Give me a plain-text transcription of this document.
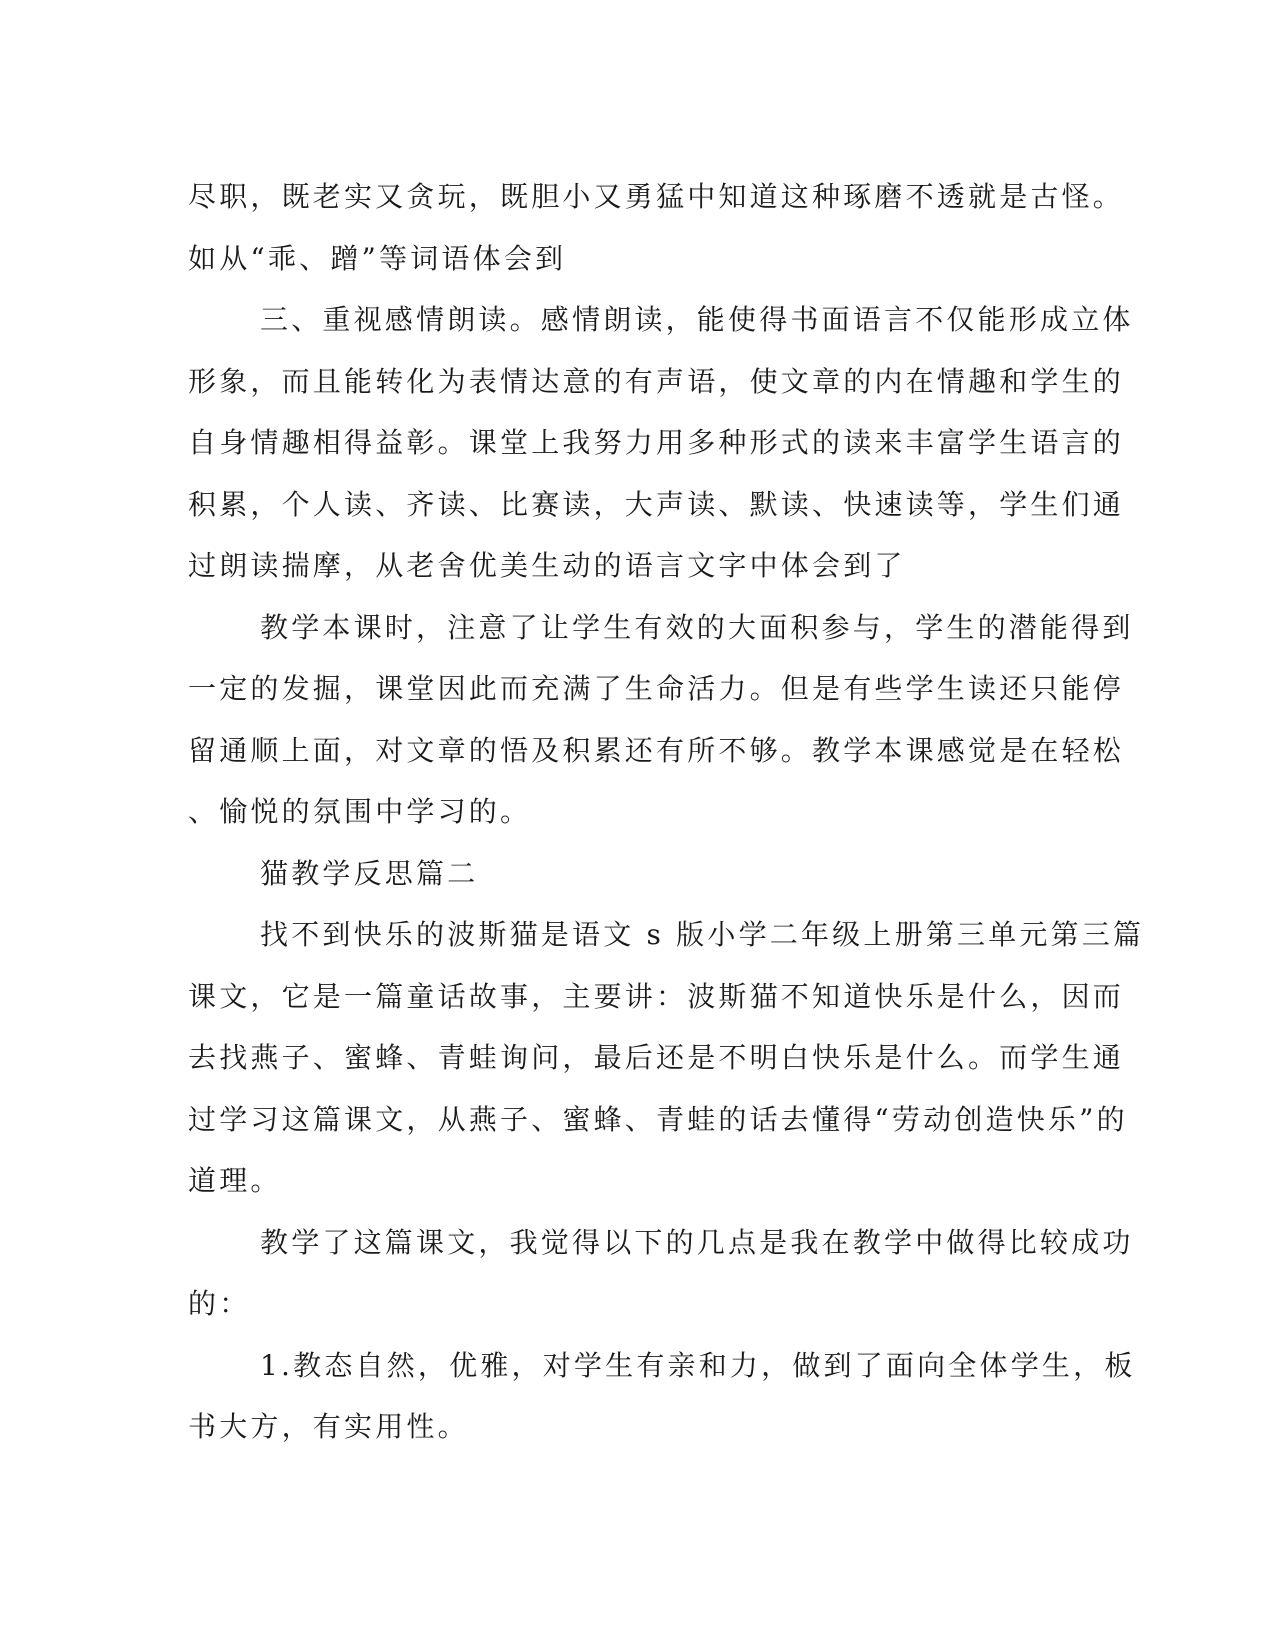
尽职，既老实又贪玩，既胆小又勇猛中知道这种琢磨不透就是古怪。
如从“乖、蹭”等词语体会到
三、重视感情朗读。感情朗读，能使得书面语言不仅能形成立体
形象，而且能转化为表情达意的有声语，使文章的内在情趣和学生的
自身情趣相得益彰。课堂上我努力用多种形式的读来丰富学生语言的
积累，个人读、齐读、比赛读，大声读、默读、快速读等，学生们通
过朗读揣摩，从老舍优美生动的语言文字中体会到了
教学本课时，注意了让学生有效的大面积参与，学生的潜能得到
一定的发掘，课堂因此而充满了生命活力。但是有些学生读还只能停
留通顺上面，对文章的悟及积累还有所不够。教学本课感觉是在轻松
、愉悦的氛围中学习的。
猫教学反思篇二
找不到快乐的波斯猫是语文 s 版小学二年级上册第三单元第三篇
课文，它是一篇童话故事，主要讲：波斯猫不知道快乐是什么，因而
去找燕子、蜜蜂、青蛙询问，最后还是不明白快乐是什么。而学生通
过学习这篇课文，从燕子、蜜蜂、青蛙的话去懂得“劳动创造快乐”的
道理。
教学了这篇课文，我觉得以下的几点是我在教学中做得比较成功
的：
1.教态自然，优雅，对学生有亲和力，做到了面向全体学生，板
书大方，有实用性。
